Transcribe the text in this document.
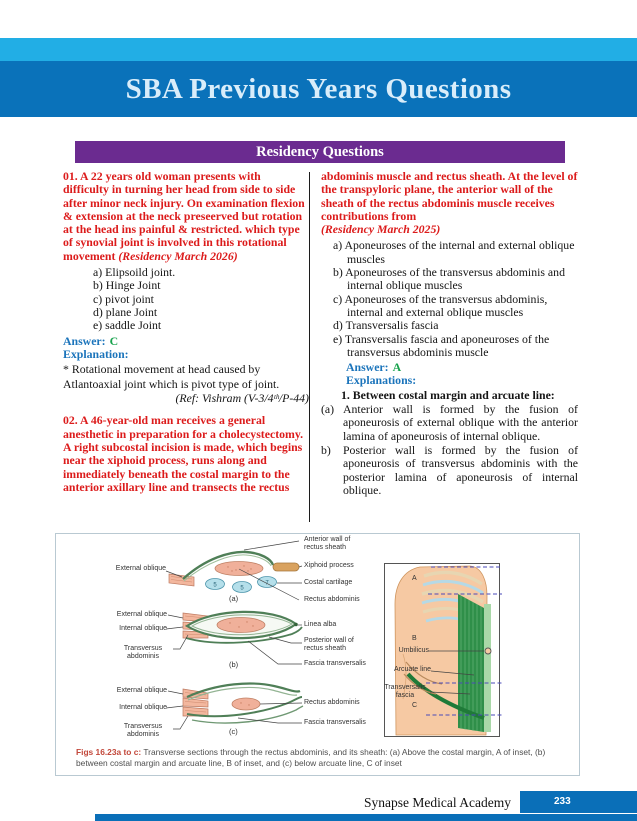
SBA Previous Years Questions
Residency Questions

01. A 22 years old woman presents with difficulty in turning her head from side to side after minor neck injury. On examination flexion & extension at the neck preseerved but rotation at the head ins painful & restricted. which type of synovial joint is involved in this rotational movement (Residency March 2026)

a) Elipsoild joint.
b) Hinge Joint
c) pivot joint
d) plane Joint
e) saddle Joint
Answer: C
Explanation:

* Rotational movement at head caused by Atlantoaxial joint which is pivot type of joint.

(Ref: Vishram (V-3/4ᵗʰ/P-44)

02. A 46-year-old man receives a general anesthetic in preparation for a cholecystectomy. A right subcostal incision is made, which begins near the xiphoid process, runs along and immediately beneath the costal margin to the anterior axillary line and transects the rectus

abdominis muscle and rectus sheath. At the level of the transpyloric plane, the anterior wall of the sheath of the rectus abdominis muscle receives contributions from
(Residency March 2025)

a) Aponeuroses of the internal and external oblique muscles
b) Aponeuroses of the transversus abdominis and internal oblique muscles
c) Aponeuroses of the transversus abdominis, internal and external oblique muscles
d) Transversalis fascia
e) Transversalis fascia and aponeuroses of the transversus abdominis muscle
Answer: A
Explanations:
1. Between costal margin and arcuate line:
(a) Anterior wall is formed by the fusion of aponeurosis of external oblique with the anterior lamina of aponeurosis of internal oblique.
b)	Posterior wall is formed by the fusion of aponeurosis of transversus abdominis with the posterior lamina of aponeurosis of internal oblique.
5	5
7
External oblique
Anterior wall of rectus sheath
Xiphoid process
Costal cartilage
Rectus abdominis
(a)
External oblique
Internal oblique
Transversus abdominis
Linea alba
Posterior wall of rectus sheath
Fascia transversalis
(b)
External oblique
Internal oblique
Transversus abdominis
Rectus abdominis
Fascia transversalis
(c)
A
B
C
Umbilicus
Arcuate line
Transversalis fascia
Figs 16.23a to c: Transverse sections through the rectus abdominis, and its sheath: (a) Above the costal margin, A of inset, (b) between costal margin and arcuate line, B of inset, and (c) below arcuate line, C of inset
Synapse Medical Academy	233
